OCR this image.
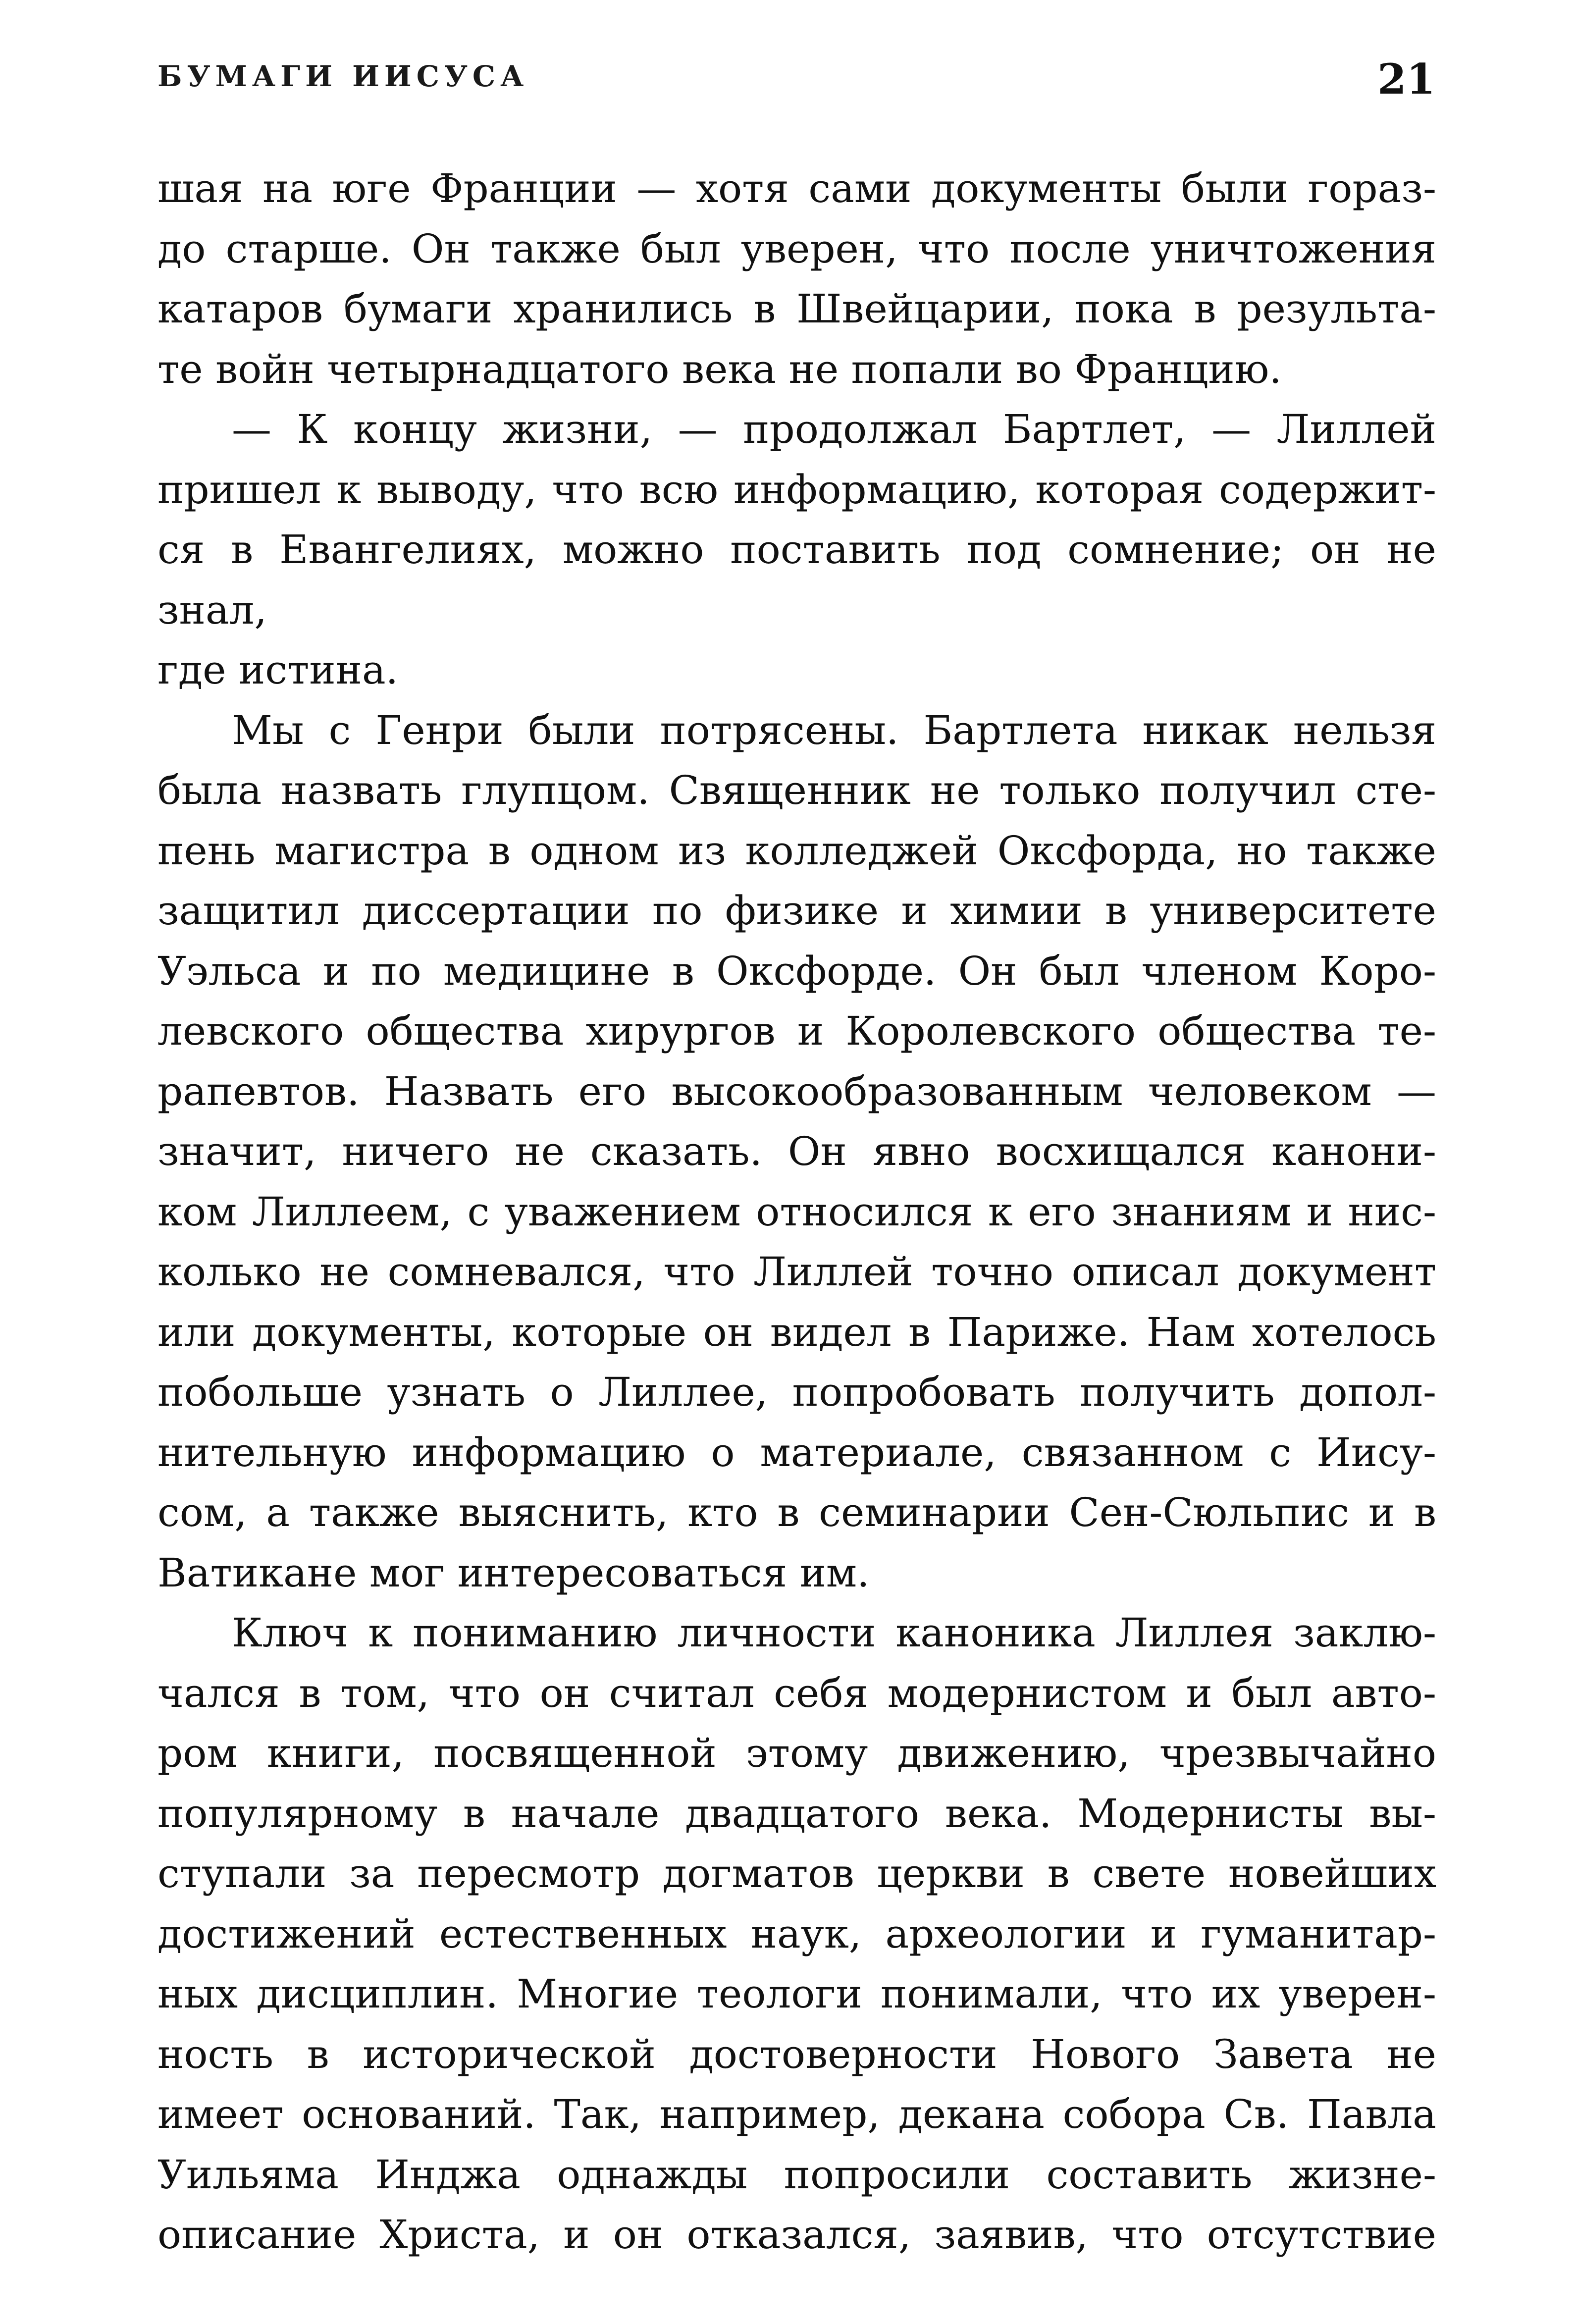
БУМАГИ ИИСУСА	21

шая на юге Франции — хотя сами документы были гораз-

до старше. Он также был уверен, что после уничтожения

катаров бумаги хранились в Швейцарии, пока в результа-

те войн четырнадцатого века не попали во Францию.

— К концу жизни, — продолжал Бартлет, — Лиллей

пришел к выводу, что всю информацию, которая содержит-

ся в Евангелиях, можно поставить под сомнение; он не знал,

где истина.

Мы с Генри были потрясены. Бартлета никак нельзя

была назвать глупцом. Священник не только получил сте-

пень магистра в одном из колледжей Оксфорда, но также

защитил диссертации по физике и химии в университете

Уэльса и по медицине в Оксфорде. Он был членом Коро-

левского общества хирургов и Королевского общества те-

рапевтов. Назвать его высокообразованным человеком —

значит, ничего не сказать. Он явно восхищался канони-

ком Лиллеем, с уважением относился к его знаниям и нис-

колько не сомневался, что Лиллей точно описал документ

или документы, которые он видел в Париже. Нам хотелось

побольше узнать о Лиллее, попробовать получить допол-

нительную информацию о материале, связанном с Иису-

сом, а также выяснить, кто в семинарии Сен-Сюльпис и в

Ватикане мог интересоваться им.

Ключ к пониманию личности каноника Лиллея заклю-

чался в том, что он считал себя модернистом и был авто-

ром книги, посвященной этому движению, чрезвычайно

популярному в начале двадцатого века. Модернисты вы-

ступали за пересмотр догматов церкви в свете новейших

достижений естественных наук, археологии и гуманитар-

ных дисциплин. Многие теологи понимали, что их уверен-

ность в исторической достоверности Нового Завета не

имеет оснований. Так, например, декана собора Св. Павла

Уильяма Инджа однажды попросили составить жизне-

описание Христа, и он отказался, заявив, что отсутствие
